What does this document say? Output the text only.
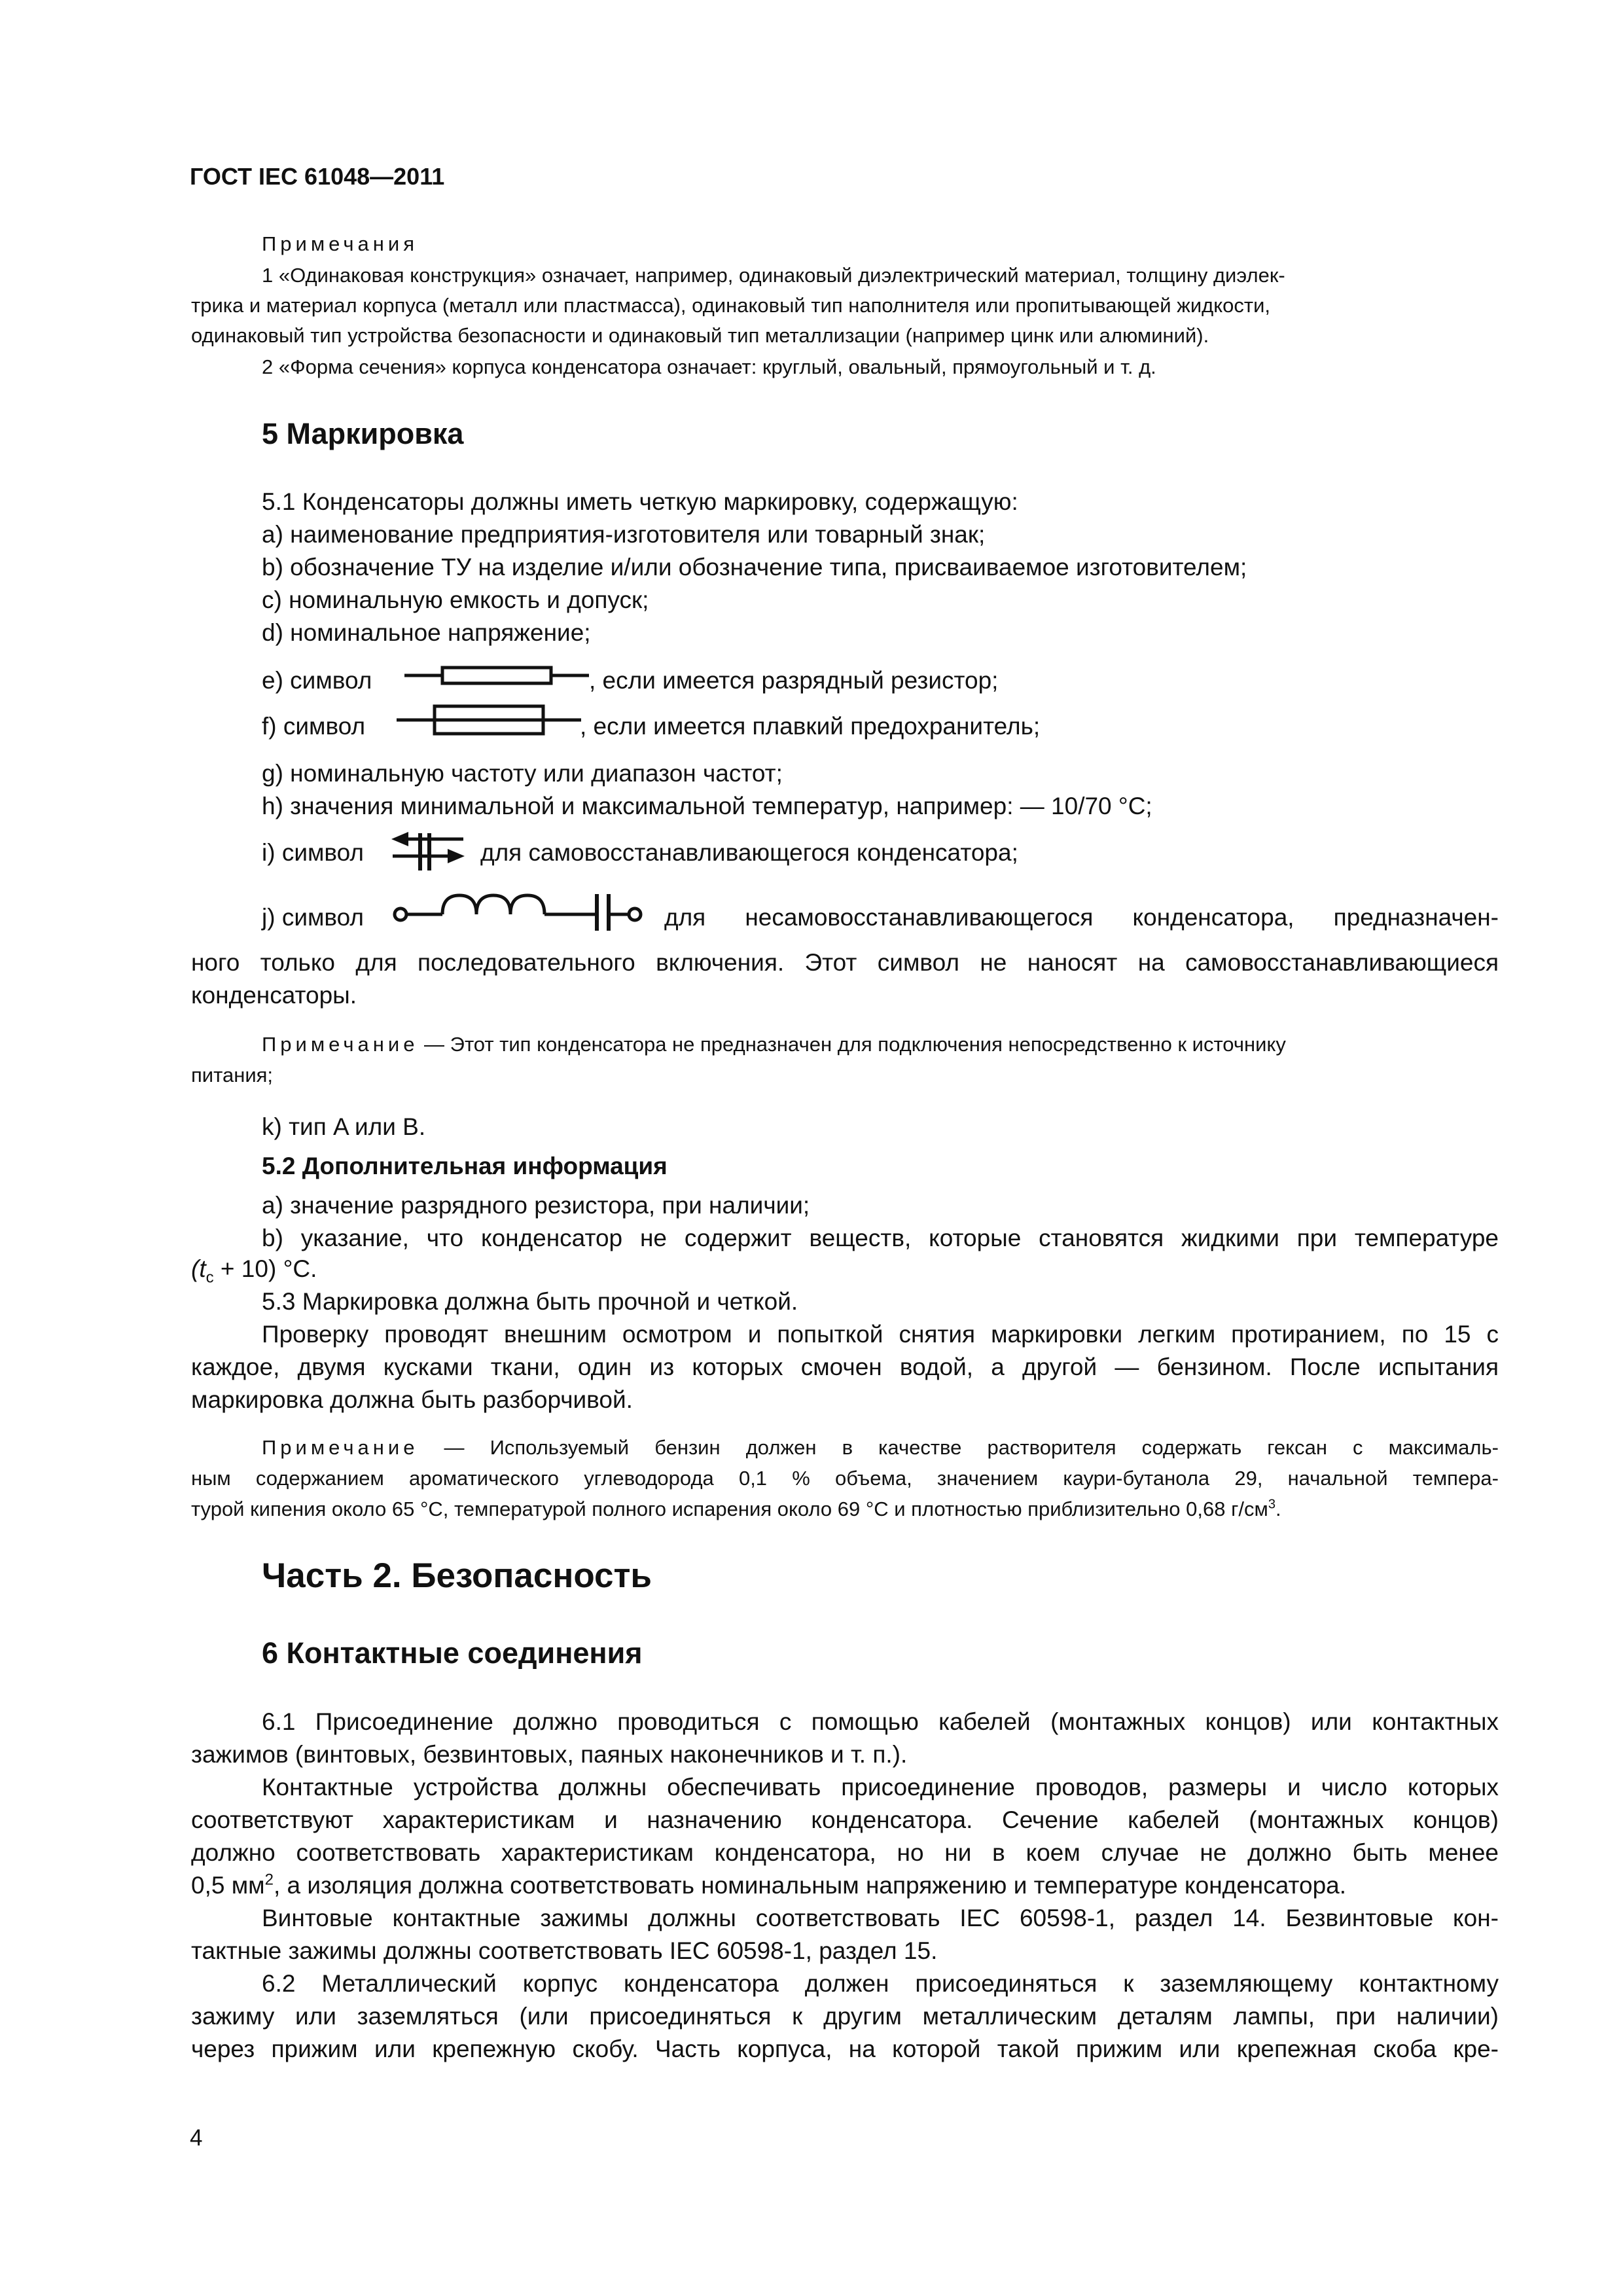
ГОСТ IEC 61048—2011
Примечания
1 «Одинаковая конструкция» означает, например, одинаковый диэлектрический материал, толщину диэлек-
трика и материал корпуса (металл или пластмасса), одинаковый тип наполнителя или пропитывающей жидкости,
одинаковый тип устройства безопасности и одинаковый тип металлизации (например цинк или алюминий).
2 «Форма сечения» корпуса конденсатора означает: круглый, овальный, прямоугольный и т. д.
5 Маркировка
5.1 Конденсаторы должны иметь четкую маркировку, содержащую:
a) наименование предприятия-изготовителя или товарный знак;
b) обозначение ТУ на изделие и/или обозначение типа, присваиваемое изготовителем;
c) номинальную емкость и допуск;
d) номинальное напряжение;
e) символ	, если имеется разрядный резистор;
f) символ	, если имеется плавкий предохранитель;
g) номинальную частоту или диапазон частот;
h) значения минимальной и максимальной температур, например: — 10/70 °C;
i) символ	для самовосстанавливающегося конденсатора;
j) символ	для несамовосстанавливающегося конденсатора, предназначен-
ного только для последовательного включения. Этот символ не наносят на самовосстанавливающиеся
конденсаторы.
Примечание — Этот тип конденсатора не предназначен для подключения непосредственно к источнику
питания;
k) тип A или B.
5.2 Дополнительная информация
a) значение разрядного резистора, при наличии;
b) указание, что конденсатор не содержит веществ, которые становятся жидкими при температуре
$(t_c + 10)$ °C.
5.3 Маркировка должна быть прочной и четкой.
Проверку проводят внешним осмотром и попыткой снятия маркировки легким протиранием, по 15 с
каждое, двумя кусками ткани, один из которых смочен водой, а другой — бензином. После испытания
маркировка должна быть разборчивой.
Примечание — Используемый бензин должен в качестве растворителя содержать гексан с максималь-
ным содержанием ароматического углеводорода 0,1 % объема, значением каури-бутанола 29, начальной темпера-
турой кипения около 65 °C, температурой полного испарения около 69 °C и плотностью приблизительно 0,68 $г/см^3$.
Часть 2. Безопасность
6 Контактные соединения
6.1 Присоединение должно проводиться с помощью кабелей (монтажных концов) или контактных
зажимов (винтовых, безвинтовых, паяных наконечников и т. п.).
Контактные устройства должны обеспечивать присоединение проводов, размеры и число которых
соответствуют характеристикам и назначению конденсатора. Сечение кабелей (монтажных концов)
должно соответствовать характеристикам конденсатора, но ни в коем случае не должно быть менее
0,5 $мм^2$, а изоляция должна соответствовать номинальным напряжению и температуре конденсатора.
Винтовые контактные зажимы должны соответствовать IEC 60598-1, раздел 14. Безвинтовые кон-
тактные зажимы должны соответствовать IEC 60598-1, раздел 15.
6.2 Металлический корпус конденсатора должен присоединяться к заземляющему контактному
зажиму или заземляться (или присоединяться к другим металлическим деталям лампы, при наличии)
через прижим или крепежную скобу. Часть корпуса, на которой такой прижим или крепежная скоба кре-
4
